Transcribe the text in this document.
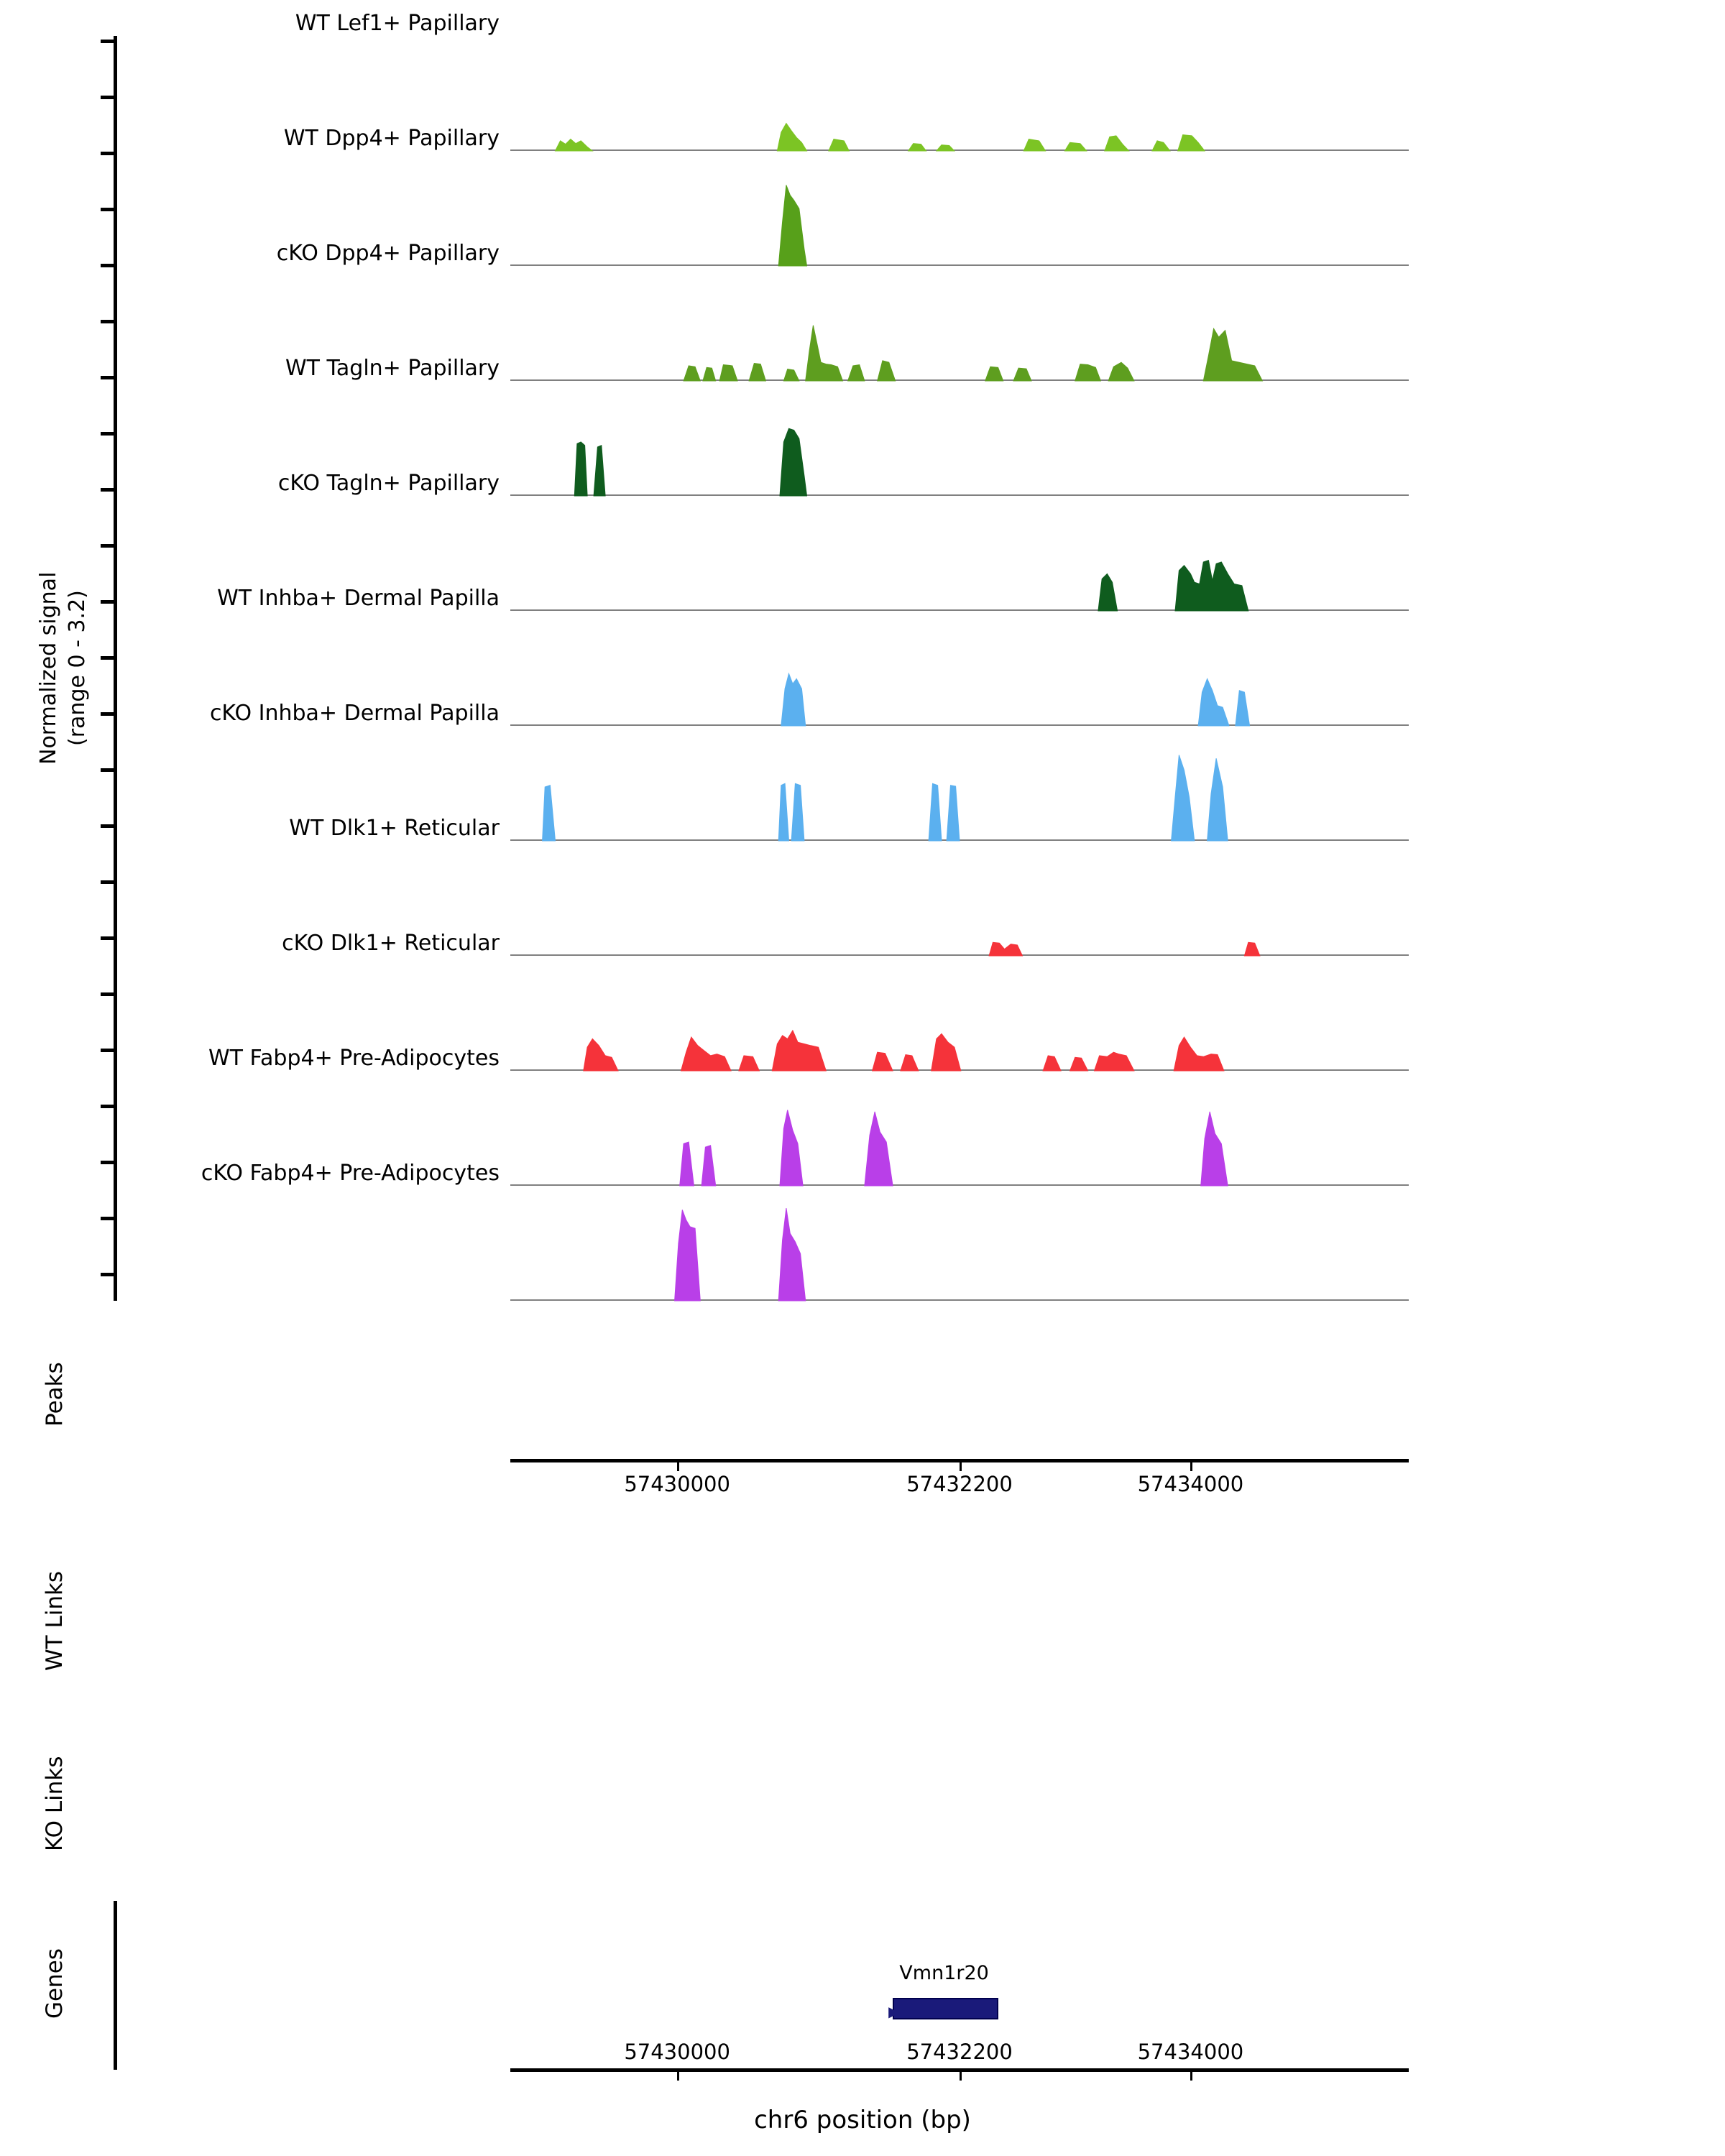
Normalized signal (range 0 - 3.2)
WT Lef1+ Papillary
WT Dpp4+ Papillary
cKO Dpp4+ Papillary
WT Tagln+ Papillary
cKO Tagln+ Papillary
WT Inhba+ Dermal Papilla
cKO Inhba+ Dermal Papilla
WT Dlk1+ Reticular
cKO Dlk1+ Reticular
WT Fabp4+ Pre-Adipocytes
cKO Fabp4+ Pre-Adipocytes
57430000	57432200	57434000
Peaks
WT Links
KO Links
Genes	▶
Vmn1r20
57430000	57432200	57434000
chr6 position (bp)
